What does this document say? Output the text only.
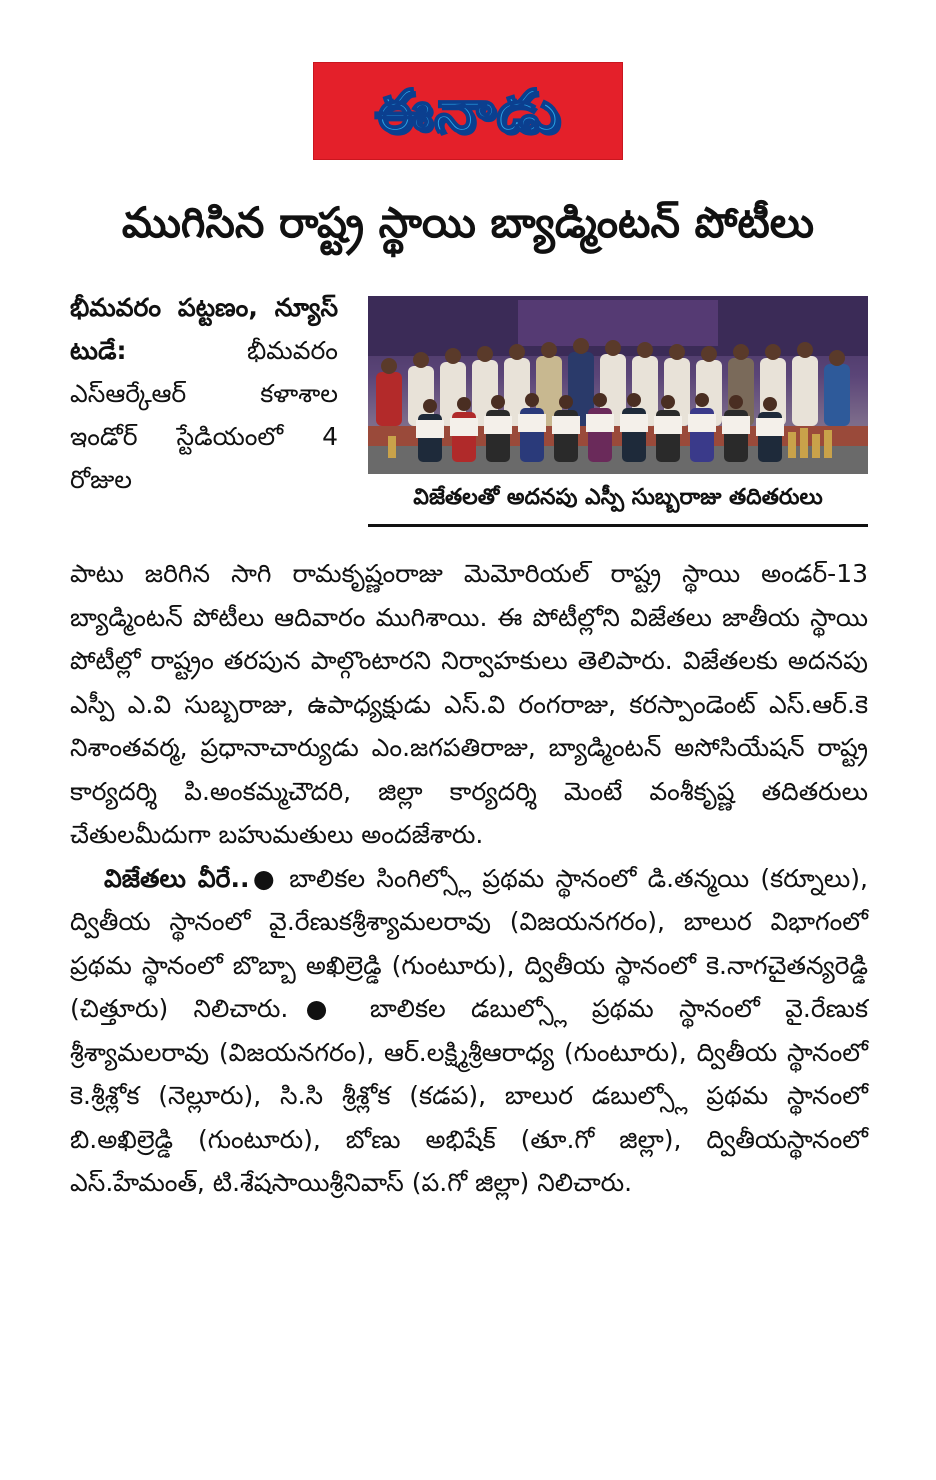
ఈనాడు
ముగిసిన రాష్ట్ర స్థాయి బ్యాడ్మింటన్ పోటీలు

భీమవరం పట్టణం, న్యూస్ టుడే:	భీమవరం ఎస్ఆర్కేఆర్ కళాశాల ఇండోర్ స్టేడియంలో 4 రోజుల

విజేతలతో అదనపు ఎస్పీ సుబ్బరాజు తదితరులు

పాటు జరిగిన సాగి రామకృష్ణంరాజు మెమోరియల్ రాష్ట్ర స్థాయి అండర్-13 బ్యాడ్మింటన్ పోటీలు ఆదివారం ముగిశాయి. ఈ పోటీల్లోని విజేతలు జాతీయ స్థాయి పోటీల్లో రాష్ట్రం తరపున పాల్గొంటారని నిర్వాహకులు తెలిపారు. విజేతలకు అదనపు ఎస్పీ ఎ.వి సుబ్బరాజు, ఉపాధ్యక్షుడు ఎస్.వి రంగరాజు, కరస్పాండెంట్ ఎస్.ఆర్.కె నిశాంతవర్మ, ప్రధానాచార్యుడు ఎం.జగపతిరాజు, బ్యాడ్మింటన్ అసోసియేషన్ రాష్ట్ర కార్యదర్శి పి.అంకమ్మచౌదరి, జిల్లా కార్యదర్శి మెంటే వంశీకృష్ణ తదితరులు చేతులమీదుగా బహుమతులు అందజేశారు.

విజేతలు వీరే..● బాలికల సింగిల్స్లో ప్రథమ స్థానంలో డి.తన్మయి (కర్నూలు), ద్వితీయ స్థానంలో వై.రేణుకశ్రీశ్యామలరావు (విజయనగరం), బాలుర విభాగంలో ప్రథమ స్థానంలో బొబ్బా అఖిల్రెడ్డి (గుంటూరు), ద్వితీయ స్థానంలో కె.నాగచైతన్యరెడ్డి (చిత్తూరు) నిలిచారు.● బాలికల డబుల్స్లో ప్రథమ స్థానంలో వై.రేణుక శ్రీశ్యామలరావు (విజయనగరం), ఆర్.లక్ష్మిశ్రీఆరాధ్య (గుంటూరు), ద్వితీయ స్థానంలో కె.శ్రీశ్లోక (నెల్లూరు), సి.సి శ్రీశ్లోక (కడప), బాలుర డబుల్స్లో ప్రథమ స్థానంలో బి.అఖిల్రెడ్డి (గుంటూరు), బోణు అభిషేక్ (తూ.గో జిల్లా), ద్వితీయస్థానంలో ఎస్.హేమంత్, టి.శేషసాయిశ్రీనివాస్ (ప.గో జిల్లా) నిలిచారు.
